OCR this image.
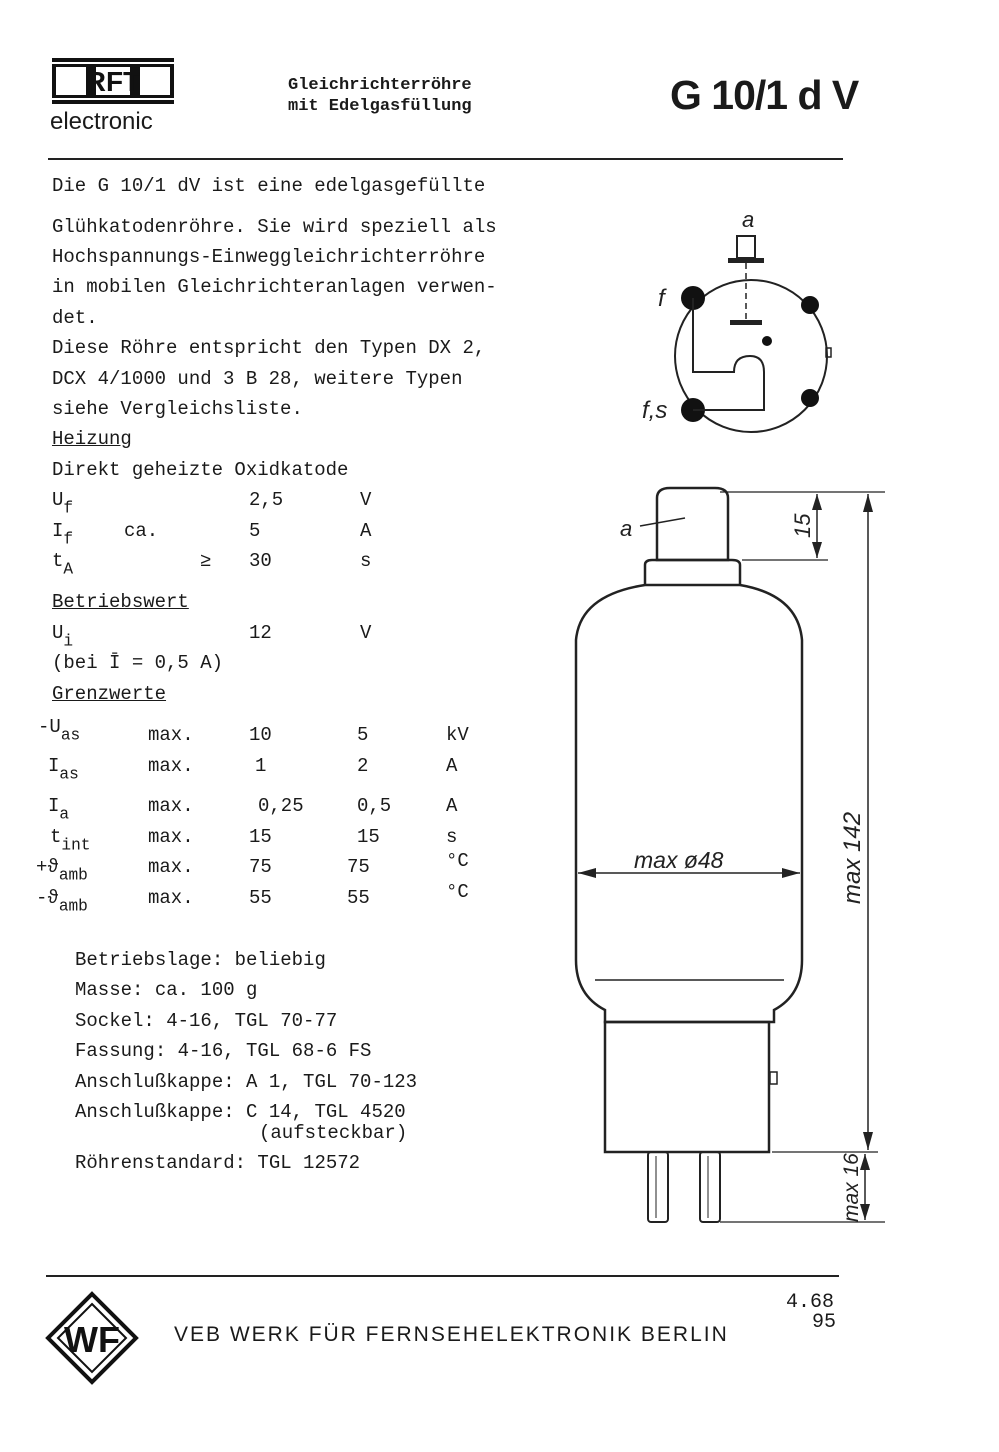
RFT
electronic
Gleichrichterröhre
mit Edelgasfüllung	G 10/1 d V
Die G 10/1 dV ist eine edelgasgefüllte
Glühkatodenröhre. Sie wird speziell als
Hochspannungs-Einweggleichrichterröhre
in mobilen Gleichrichteranlagen verwen-
det.
Diese Röhre entspricht den Typen DX 2,
DCX 4/1000 und 3 B 28, weitere Typen
siehe Vergleichsliste.
Heizung
Direkt geheizte Oxidkatode
$U_f$	2,5	V
$I_f$	ca.	5	A
$t_A$	≥ 30	s
Betriebswert
$U_i$	12	V
(bei Ī = 0,5 A)
Grenzwerte
$-U_{as}$	max.	10	5	kV
$I_{as}$	max.	1	2	A
$I_a$	max.	0,25	0,5	A
$t_{int}$	max.	15	15	s
$+ϑ_{amb}$	max.	75	75	°C
$-ϑ_{amb}$	max.	55	55	°C
Betriebslage: beliebig
Masse: ca. 100 g
Sockel: 4-16, TGL 70-77
Fassung: 4-16, TGL 68-6 FS
Anschlußkappe: A 1, TGL 70-123
Anschlußkappe: C 14, TGL 4520
(aufsteckbar)
Röhrenstandard: TGL 12572
a
f
f,s
a	15
max 142
max 16
max ø48
WF	VEB WERK FÜR FERNSEHELEKTRONIK BERLIN
4.68
95
